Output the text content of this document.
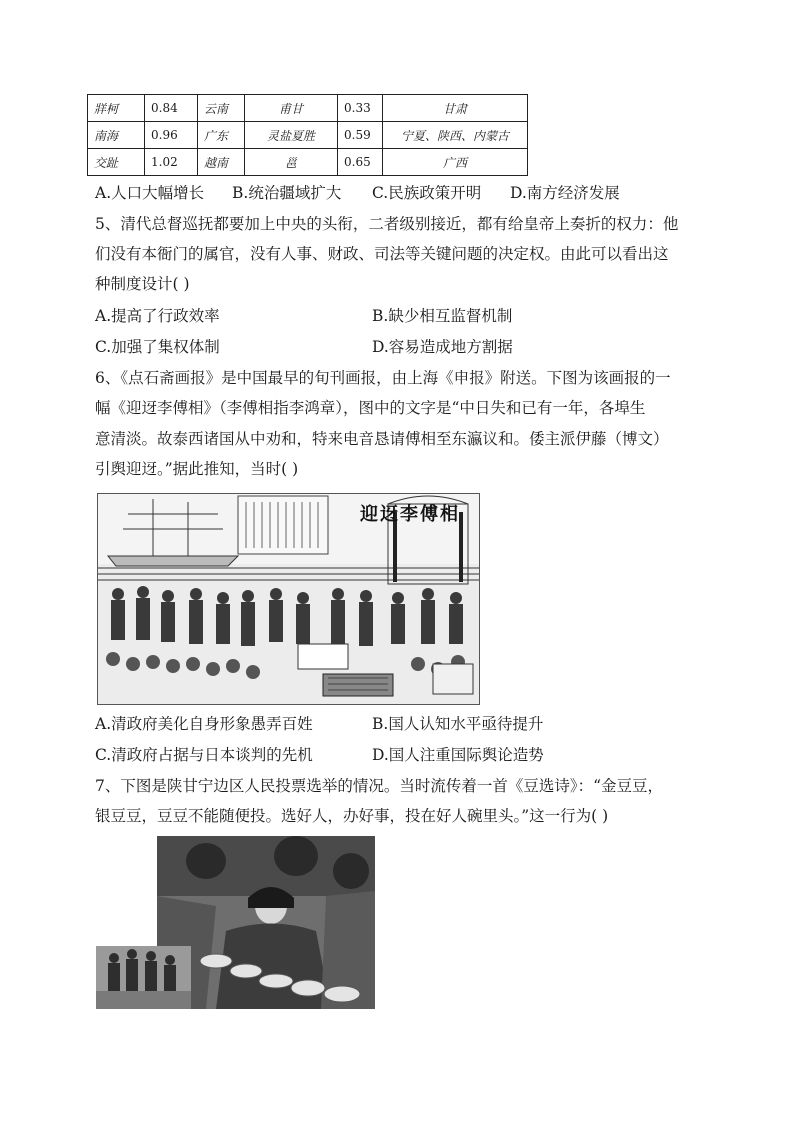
牂柯	0.84	云南	甫甘	0.33	甘肃
南海	0.96	广东	灵盐夏胜	0.59	宁夏、陕西、内蒙古
交趾	1.02	越南	邕	0.65	广西
A.人口大幅增长 B.统治疆域扩大 C.民族政策开明 D.南方经济发展
5、清代总督巡抚都要加上中央的头衔，二者级别接近，都有给皇帝上奏折的权力：他
们没有本衙门的属官，没有人事、财政、司法等关键问题的决定权。由此可以看出这
种制度设计( )
A.提高了行政效率	B.缺少相互监督机制
C.加强了集权体制	D.容易造成地方割据
6、《点石斋画报》是中国最早的旬刊画报，由上海《申报》附送。下图为该画报的一
幅《迎迓李傅相》（李傅相指李鸿章），图中的文字是“中日失和已有一年，各埠生
意清淡。故泰西诸国从中劝和，特来电音恳请傅相至东瀛议和。倭主派伊藤（博文）
引舆迎迓。”据此推知，当时( )
迎迓李傅相
A.清政府美化自身形象愚弄百姓	B.国人认知水平亟待提升
C.清政府占据与日本谈判的先机	D.国人注重国际舆论造势
7、下图是陕甘宁边区人民投票选举的情况。当时流传着一首《豆选诗》：“金豆豆，
银豆豆，豆豆不能随便投。选好人，办好事，投在好人碗里头。”这一行为( )
